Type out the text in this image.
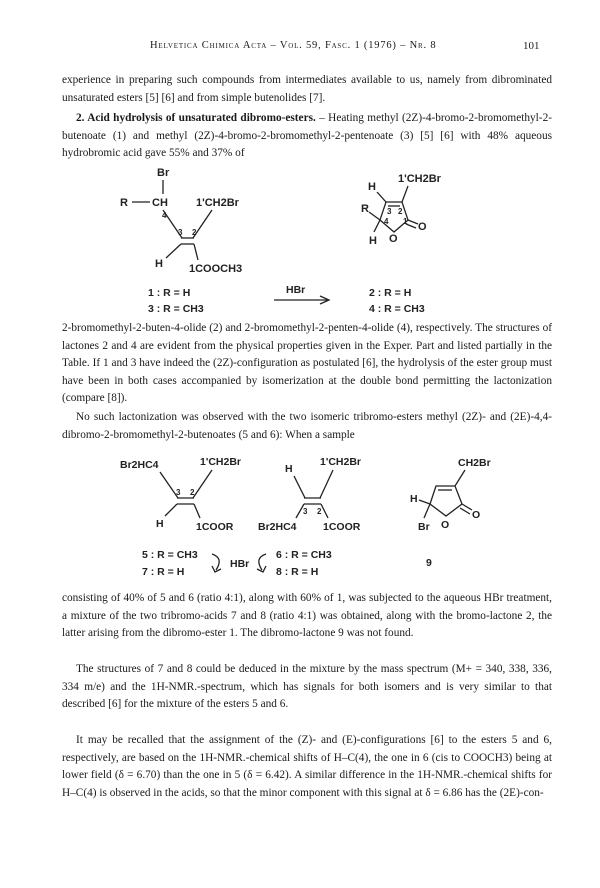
Helvetica Chimica Acta – Vol. 59, Fasc. 1 (1976) – Nr. 8	101

experience in preparing such compounds from intermediates available to us, namely from dibrominated unsaturated esters [5] [6] and from simple butenolides [7].

2. Acid hydrolysis of unsaturated dibromo-esters. – Heating methyl (2Z)-4-bromo-2-bromomethyl-2-butenoate (1) and methyl (2Z)-4-bromo-2-bromomethyl-2-pentenoate (3) [5] [6] with 48% aqueous hydrobromic acid gave 55% and 37% of

Br
R CH
4
1'CH2Br
3 2
H 1COOCH3
H
1'CH2Br
3 2
1
4
R
H O
O
1 : R = H
3 : R = CH3
HBr	2 : R = H
4 : R = CH3

2-bromomethyl-2-buten-4-olide (2) and 2-bromomethyl-2-penten-4-olide (4), respectively. The structures of lactones 2 and 4 are evident from the physical properties given in the Exper. Part and listed partially in the Table. If 1 and 3 have indeed the (2Z)-configuration as postulated [6], the hydrolysis of the ester group must have been in both cases accompanied by isomerization at the double bond permitting the lactonization (compare [8]).

No such lactonization was observed with the two isomeric tribromo-esters methyl (2Z)- and (2E)-4,4-dibromo-2-bromomethyl-2-butenoates (5 and 6): When a sample

Br2HC4	1'CH2Br
3 2
H	1COOR
H
1'CH2Br
3 2
Br2HC4	1COOR
CH2Br
H
Br O
O
5 : R = CH3
7 : R = H
HBr
6 : R = CH3
8 : R = H
9

consisting of 40% of 5 and 6 (ratio 4:1), along with 60% of 1, was subjected to the aqueous HBr treatment, a mixture of the two tribromo-acids 7 and 8 (ratio 4:1) was obtained, along with the bromo-lactone 2, the latter arising from the dibromo-ester 1. The dibromo-lactone 9 was not found.

The structures of 7 and 8 could be deduced in the mixture by the mass spectrum (M+ = 340, 338, 336, 334 m/e) and the 1H-NMR.-spectrum, which has signals for both isomers and is very similar to that described [6] for the mixture of the esters 5 and 6.

It may be recalled that the assignment of the (Z)- and (E)-configurations [6] to the esters 5 and 6, respectively, are based on the 1H-NMR.-chemical shifts of H–C(4), the one in 6 (cis to COOCH3) being at lower field (δ = 6.70) than the one in 5 (δ = 6.42). A similar difference in the 1H-NMR.-chemical shifts for H–C(4) is observed in the acids, so that the minor component with this signal at δ = 6.86 has the (2E)-con-
